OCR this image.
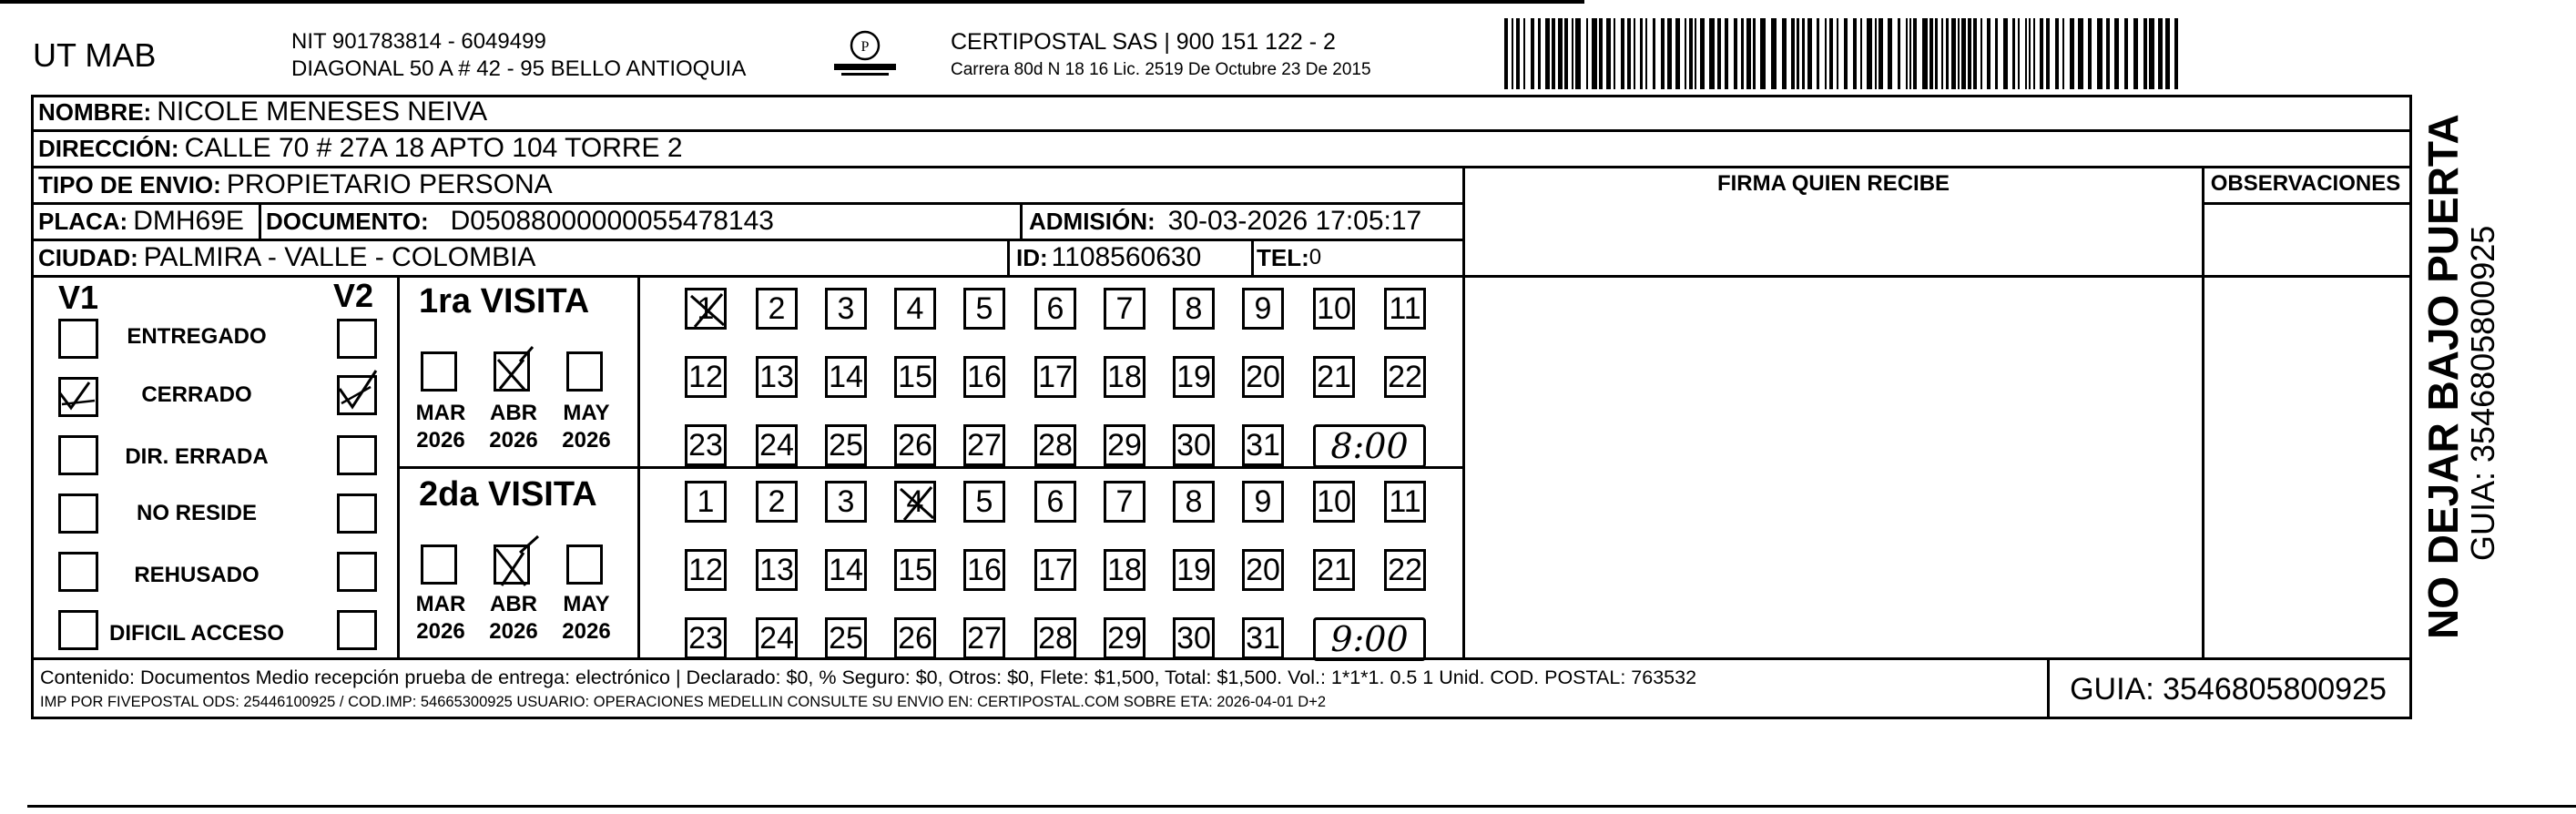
UT MAB	NIT 901783814 - 6049499
DIAGONAL 50 A # 42 - 95 BELLO ANTIOQUIA
P	CERTIPOSTAL SAS | 900 151 122 - 2
Carrera 80d N 18 16 Lic. 2519 De Octubre 23 De 2015
NOMBRE: NICOLE MENESES NEIVA
DIRECCIÓN: CALLE 70 # 27A 18 APTO 104 TORRE 2
TIPO DE ENVIO: PROPIETARIO PERSONA	FIRMA QUIEN RECIBE	OBSERVACIONES
PLACA: DMH69E DOCUMENTO: D05088000000055478143	ADMISIÓN: 30-03-2026 17:05:17
CIUDAD: PALMIRA - VALLE - COLOMBIA	ID: 1108560630 TEL: 0
V1	V2
ENTREGADO
CERRADO
DIR. ERRADA
NO RESIDE
REHUSADO
DIFICIL ACCESO
1ra VISITA
MAR
2026
ABR
2026
MAY
2026
2da VISITA
MAR
2026
ABR
2026
MAY
2026
1 2 3 4 5 6 7 8 9 10 11
12 13 14 15 16 17 18 19 20 21 22
23 24 25 26 27 28 29 30 31	8:00
1 2 3 4 5 6 7 8 9 10 11
12 13 14 15 16 17 18 19 20 21 22
23 24 25 26 27 28 29 30 31	9:00
Contenido: Documentos Medio recepción prueba de entrega: electrónico | Declarado: $0, % Seguro: $0, Otros: $0, Flete: $1,500, Total: $1,500. Vol.: 1*1*1. 0.5 1 Unid. COD. POSTAL: 763532
IMP POR FIVEPOSTAL ODS: 25446100925 / COD.IMP: 54665300925 USUARIO: OPERACIONES MEDELLIN CONSULTE SU ENVIO EN: CERTIPOSTAL.COM SOBRE ETA: 2026-04-01 D+2	GUIA: 3546805800925
NO DEJAR BAJO PUERTA
GUIA: 3546805800925
